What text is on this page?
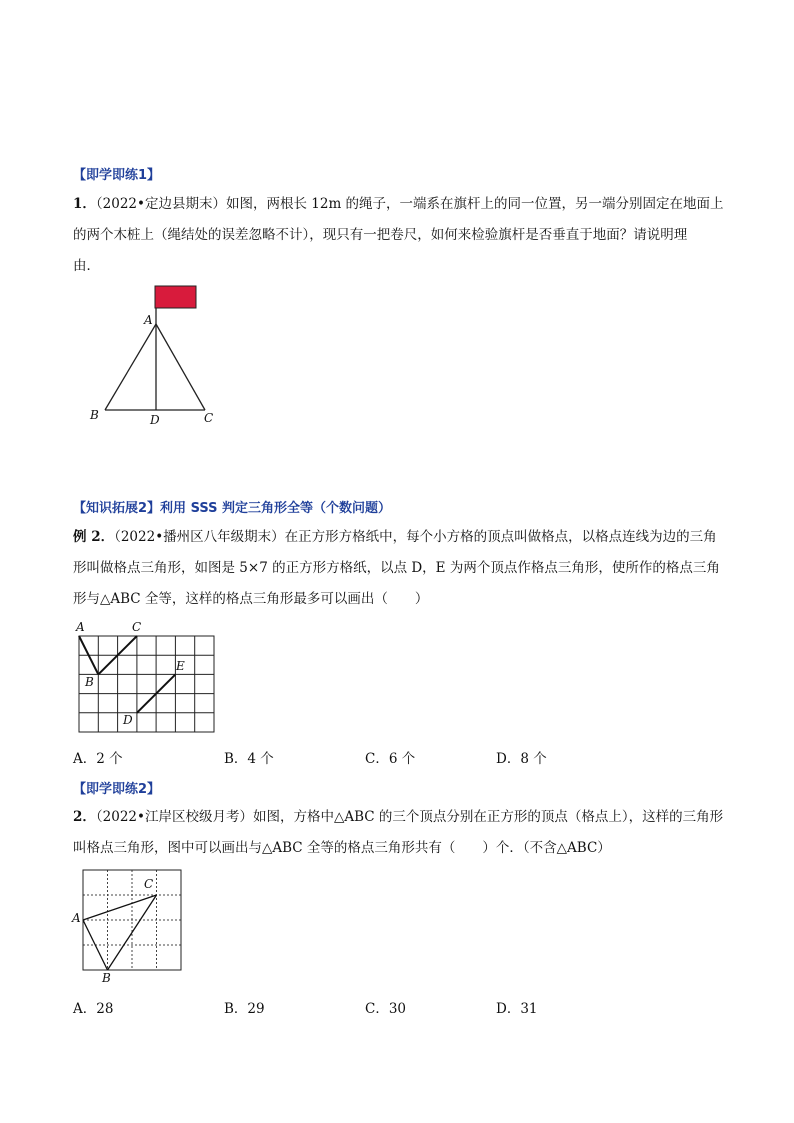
【即学即练1】
1．（2022•定边县期末）如图，两根长 12m 的绳子，一端系在旗杆上的同一位置，另一端分别固定在地面上
的两个木桩上（绳结处的误差忽略不计），现只有一把卷尺，如何来检验旗杆是否垂直于地面？请说明理
由．
A
B	C
D
【知识拓展2】利用 SSS 判定三角形全等（个数问题）
例 2．（2022•播州区八年级期末）在正方形方格纸中，每个小方格的顶点叫做格点，以格点连线为边的三角
形叫做格点三角形，如图是 5×7 的正方形方格纸，以点 D，E 为两个顶点作格点三角形，使所作的格点三角
形与△ABC 全等，这样的格点三角形最多可以画出（　　）
A
B
C
D
E
A．2 个	B．4 个	C．6 个	D．8 个
【即学即练2】
2．（2022•江岸区校级月考）如图，方格中△ABC 的三个顶点分别在正方形的顶点（格点上），这样的三角形
叫格点三角形，图中可以画出与△ABC 全等的格点三角形共有（　　）个．（不含△ABC）
A
B
C
A．28	B．29	C．30	D．31
